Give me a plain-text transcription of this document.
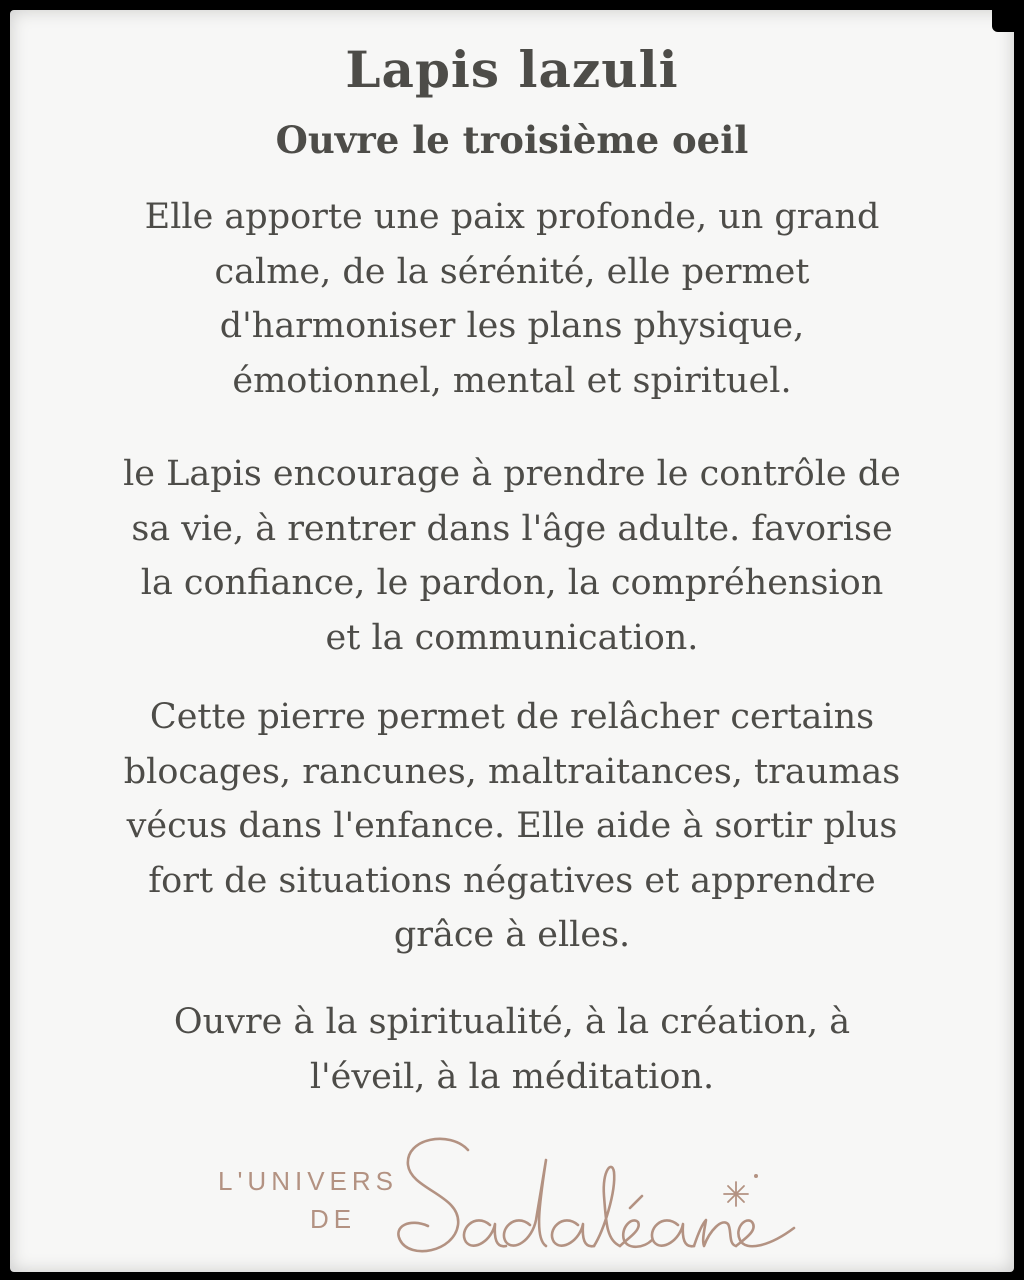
Lapis lazuli
Ouvre le troisième oeil

Elle apporte une paix profonde, un grand
calme, de la sérénité, elle permet
d'harmoniser les plans physique,
émotionnel, mental et spirituel.

le Lapis encourage à prendre le contrôle de
sa vie, à rentrer dans l'âge adulte. favorise
la confiance, le pardon, la compréhension
et la communication.

Cette pierre permet de relâcher certains
blocages, rancunes, maltraitances, traumas
vécus dans l'enfance. Elle aide à sortir plus
fort de situations négatives et apprendre
grâce à elles.

Ouvre à la spiritualité, à la création, à
l'éveil, à la méditation.

L'UNIVERS
DE
